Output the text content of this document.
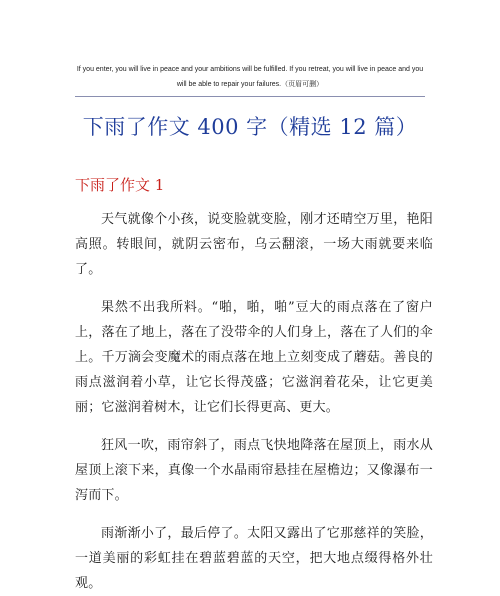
If you enter, you will live in peace and your ambitions will be fulfilled. If you retreat, you will live in peace and you
will be able to repair your failures.（页眉可删）
下雨了作文 400 字（精选 12 篇）
下雨了作文 1
天气就像个小孩，说变脸就变脸，刚才还晴空万里，艳阳高照。转眼间，就阴云密布，乌云翻滚，一场大雨就要来临了。
果然不出我所料。“啪，啪，啪”豆大的雨点落在了窗户上，落在了地上，落在了没带伞的人们身上，落在了人们的伞上。千万滴会变魔术的雨点落在地上立刻变成了蘑菇。善良的雨点滋润着小草，让它长得茂盛；它滋润着花朵，让它更美丽；它滋润着树木，让它们长得更高、更大。
狂风一吹，雨帘斜了，雨点飞快地降落在屋顶上，雨水从屋顶上滚下来，真像一个水晶雨帘悬挂在屋檐边；又像瀑布一泻而下。
雨渐渐小了，最后停了。太阳又露出了它那慈祥的笑脸，一道美丽的彩虹挂在碧蓝碧蓝的天空，把大地点缀得格外壮观。
